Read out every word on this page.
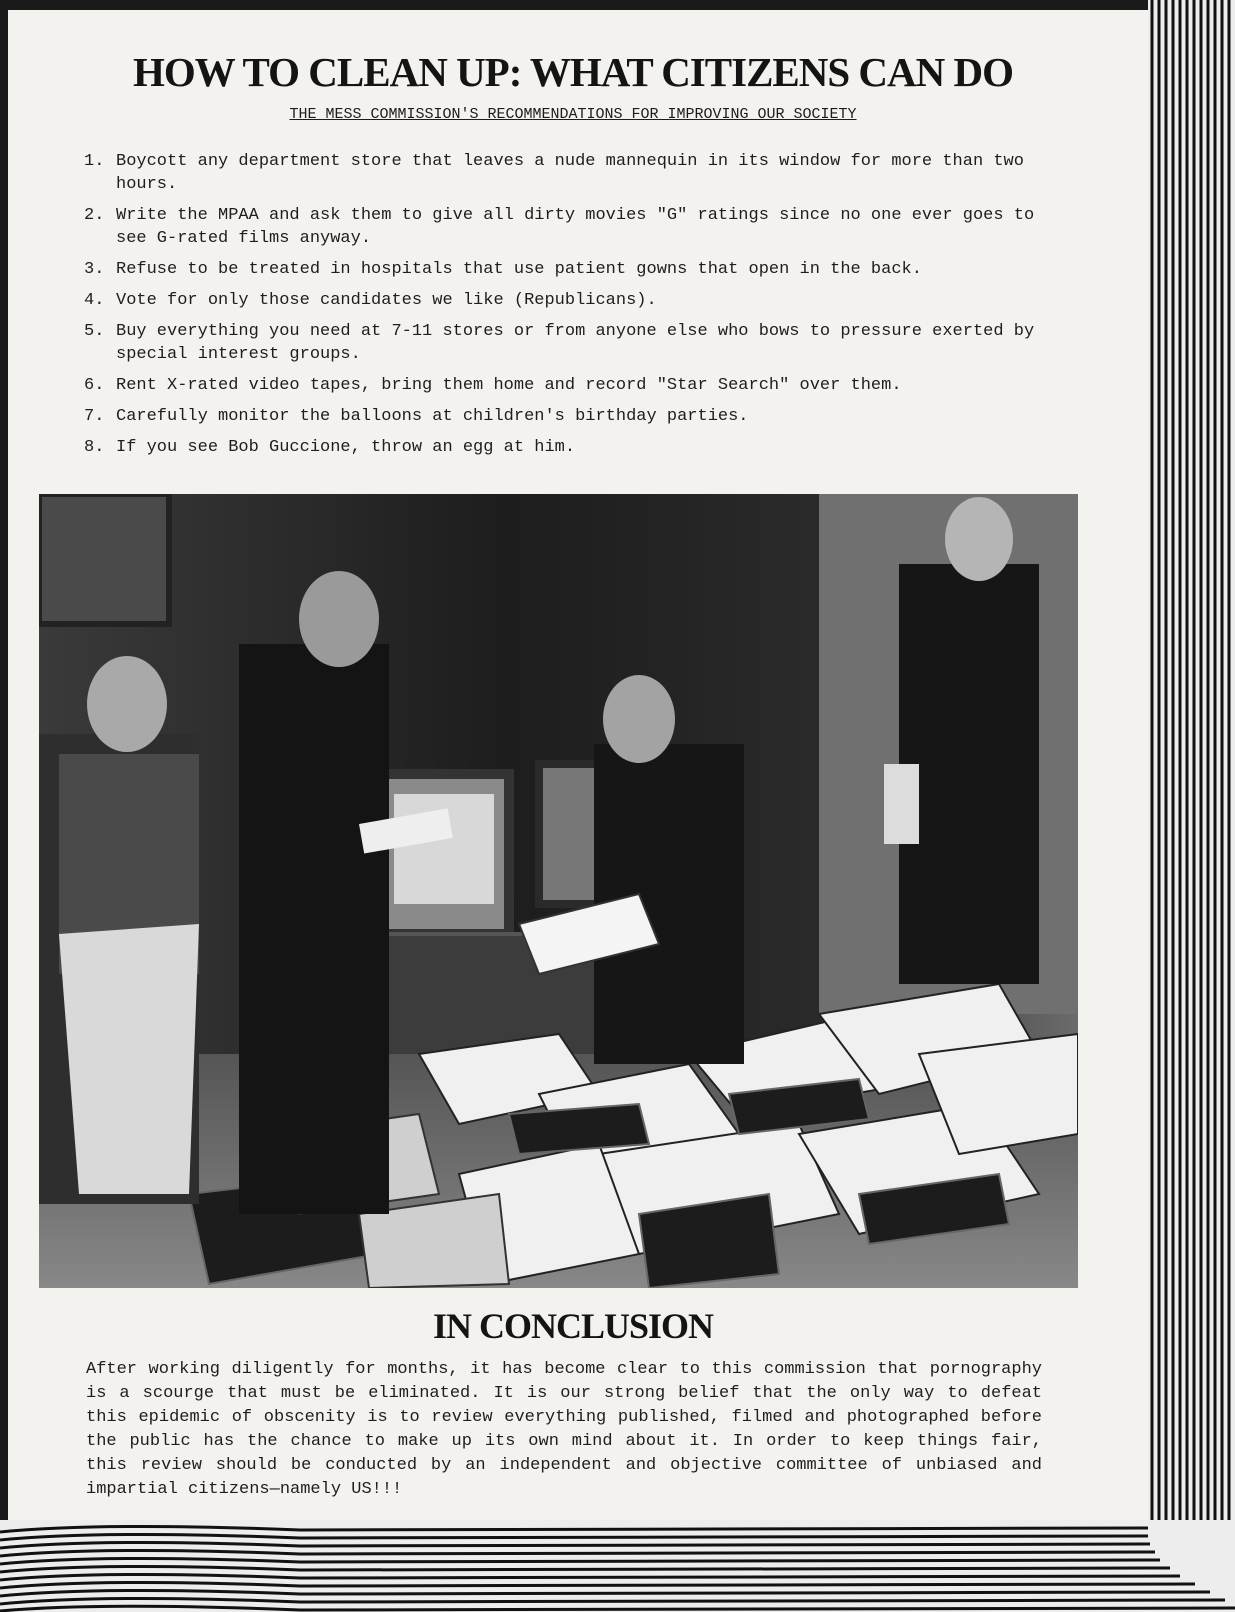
HOW TO CLEAN UP: WHAT CITIZENS CAN DO
THE MESS COMMISSION'S RECOMMENDATIONS FOR IMPROVING OUR SOCIETY
1. Boycott any department store that leaves a nude mannequin in its window for more than two hours.
2. Write the MPAA and ask them to give all dirty movies "G" ratings since no one ever goes to see G-rated films anyway.
3. Refuse to be treated in hospitals that use patient gowns that open in the back.
4. Vote for only those candidates we like (Republicans).
5. Buy everything you need at 7-11 stores or from anyone else who bows to pressure exerted by special interest groups.
6. Rent X-rated video tapes, bring them home and record "Star Search" over them.
7. Carefully monitor the balloons at children's birthday parties.
8. If you see Bob Guccione, throw an egg at him.
IN CONCLUSION
After working diligently for months, it has become clear to this commission that pornography is a scourge that must be eliminated. It is our strong belief that the only way to defeat this epidemic of obscenity is to review everything published, filmed and photographed before the public has the chance to make up its own mind about it. In order to keep things fair, this review should be conducted by an independent and objective committee of unbiased and impartial citizens—namely US!!!
